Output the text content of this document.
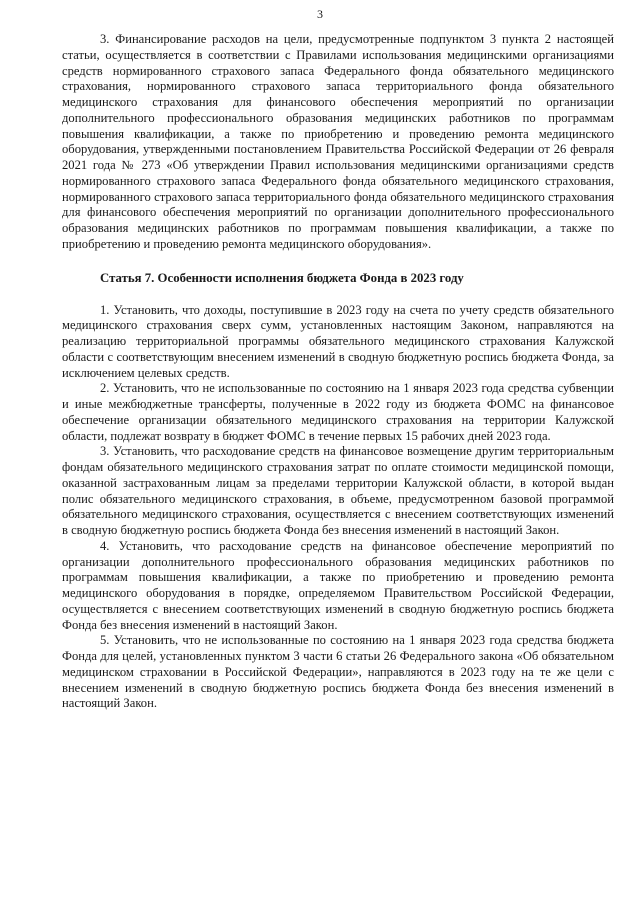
3

3. Финансирование расходов на цели, предусмотренные подпунктом 3 пункта 2 настоящей статьи, осуществляется в соответствии с Правилами использования медицинскими организациями средств нормированного страхового запаса Федерального фонда обязательного медицинского страхования, нормированного страхового запаса территориального фонда обязательного медицинского страхования для финансового обеспечения мероприятий по организации дополнительного профессионального образования медицинских работников по программам повышения квалификации, а также по приобретению и проведению ремонта медицинского оборудования, утвержденными постановлением Правительства Российской Федерации от 26 февраля 2021 года № 273 «Об утверждении Правил использования медицинскими организациями средств нормированного страхового запаса Федерального фонда обязательного медицинского страхования, нормированного страхового запаса территориального фонда обязательного медицинского страхования для финансового обеспечения мероприятий по организации дополнительного профессионального образования медицинских работников по программам повышения квалификации, а также по приобретению и проведению ремонта медицинского оборудования».

Статья 7. Особенности исполнения бюджета Фонда в 2023 году

1. Установить, что доходы, поступившие в 2023 году на счета по учету средств обязательного медицинского страхования сверх сумм, установленных настоящим Законом, направляются на реализацию территориальной программы обязательного медицинского страхования Калужской области с соответствующим внесением изменений в сводную бюджетную роспись бюджета Фонда, за исключением целевых средств.

2. Установить, что не использованные по состоянию на 1 января 2023 года средства субвенции и иные межбюджетные трансферты, полученные в 2022 году из бюджета ФОМС на финансовое обеспечение организации обязательного медицинского страхования на территории Калужской области, подлежат возврату в бюджет ФОМС в течение первых 15 рабочих дней 2023 года.

3. Установить, что расходование средств на финансовое возмещение другим территориальным фондам обязательного медицинского страхования затрат по оплате стоимости медицинской помощи, оказанной застрахованным лицам за пределами территории Калужской области, в которой выдан полис обязательного медицинского страхования, в объеме, предусмотренном базовой программой обязательного медицинского страхования, осуществляется с внесением соответствующих изменений в сводную бюджетную роспись бюджета Фонда без внесения изменений в настоящий Закон.

4. Установить, что расходование средств на финансовое обеспечение мероприятий по организации дополнительного профессионального образования медицинских работников по программам повышения квалификации, а также по приобретению и проведению ремонта медицинского оборудования в порядке, определяемом Правительством Российской Федерации, осуществляется с внесением соответствующих изменений в сводную бюджетную роспись бюджета Фонда без внесения изменений в настоящий Закон.

5. Установить, что не использованные по состоянию на 1 января 2023 года средства бюджета Фонда для целей, установленных пунктом 3 части 6 статьи 26 Федерального закона «Об обязательном медицинском страховании в Российской Федерации», направляются в 2023 году на те же цели с внесением изменений в сводную бюджетную роспись бюджета Фонда без внесения изменений в настоящий Закон.
